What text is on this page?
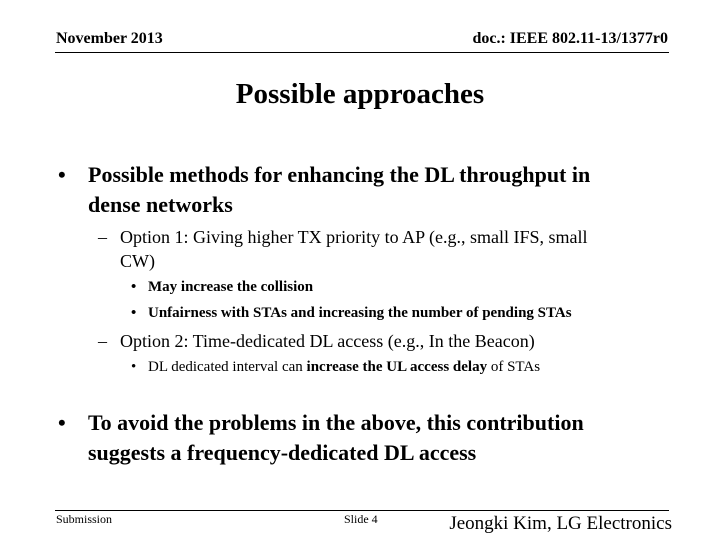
November 2013	doc.: IEEE 802.11-13/1377r0
Possible approaches
• Possible methods for enhancing the DL throughput in
dense networks
– Option 1: Giving higher TX priority to AP (e.g., small IFS, small
CW)
• May increase the collision
• Unfairness with STAs and increasing the number of pending STAs
– Option 2: Time-dedicated DL access (e.g., In the Beacon)
• DL dedicated interval can increase the UL access delay of STAs
• To avoid the problems in the above, this contribution
suggests a frequency-dedicated DL access
Submission	Slide 4	Jeongki Kim, LG Electronics
